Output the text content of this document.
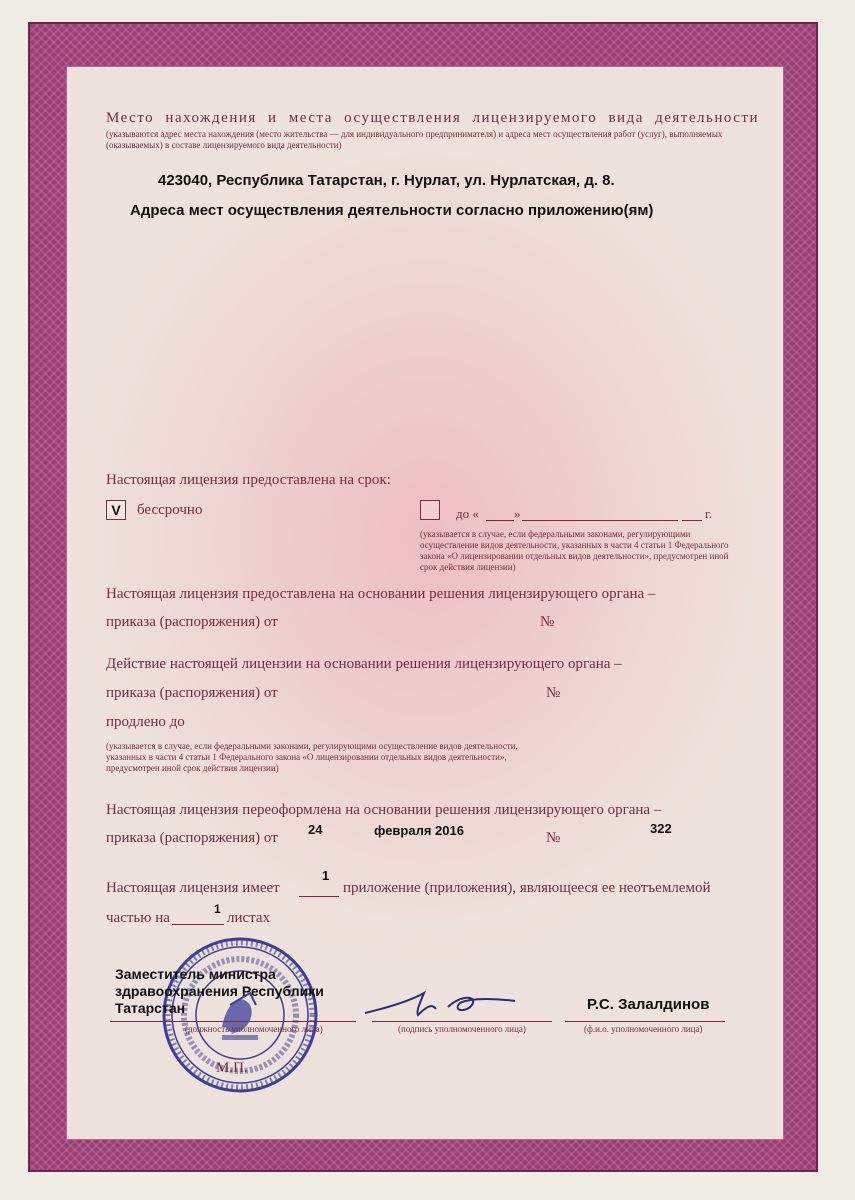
Место нахождения и места осуществления лицензируемого вида деятельности
(указываются адрес места нахождения (место жительства — для индивидуального предпринимателя) и адреса мест осуществления работ (услуг), выполняемых (оказываемых) в составе лицензируемого вида деятельности)
423040, Республика Татарстан, г. Нурлат, ул. Нурлатская, д. 8.
Адреса мест осуществления деятельности согласно приложению(ям)
Настоящая лицензия предоставлена на срок:
V	бессрочно	до «	»	г.
(указывается в случае, если федеральными законами, регулирующими осуществление видов деятельности, указанных в части 4 статьи 1 Федерального закона «О лицензировании отдельных видов деятельности», предусмотрен иной срок действия лицензии)
Настоящая лицензия предоставлена на основании решения лицензирующего органа –
приказа (распоряжения) от	№
Действие настоящей лицензии на основании решения лицензирующего органа –
приказа (распоряжения) от	№
продлено до
(указывается в случае, если федеральными законами, регулирующими осуществление видов деятельности, указанных в части 4 статьи 1 Федерального закона «О лицензировании отдельных видов деятельности», предусмотрен иной срок действия лицензии)
Настоящая лицензия переоформлена на основании решения лицензирующего органа –
приказа (распоряжения) от
24	февраля 2016	№
322
Настоящая лицензия имеет
1
приложение (приложения), являющееся ее неотъемлемой
частью на
1
листах
Заместитель министра
здравоохранения Республики
Татарстан
(должность уполномоченного лица)	(подпись уполномоченного лица)
Р.С. Залалдинов
(ф.и.о. уполномоченного лица)
М.П.
